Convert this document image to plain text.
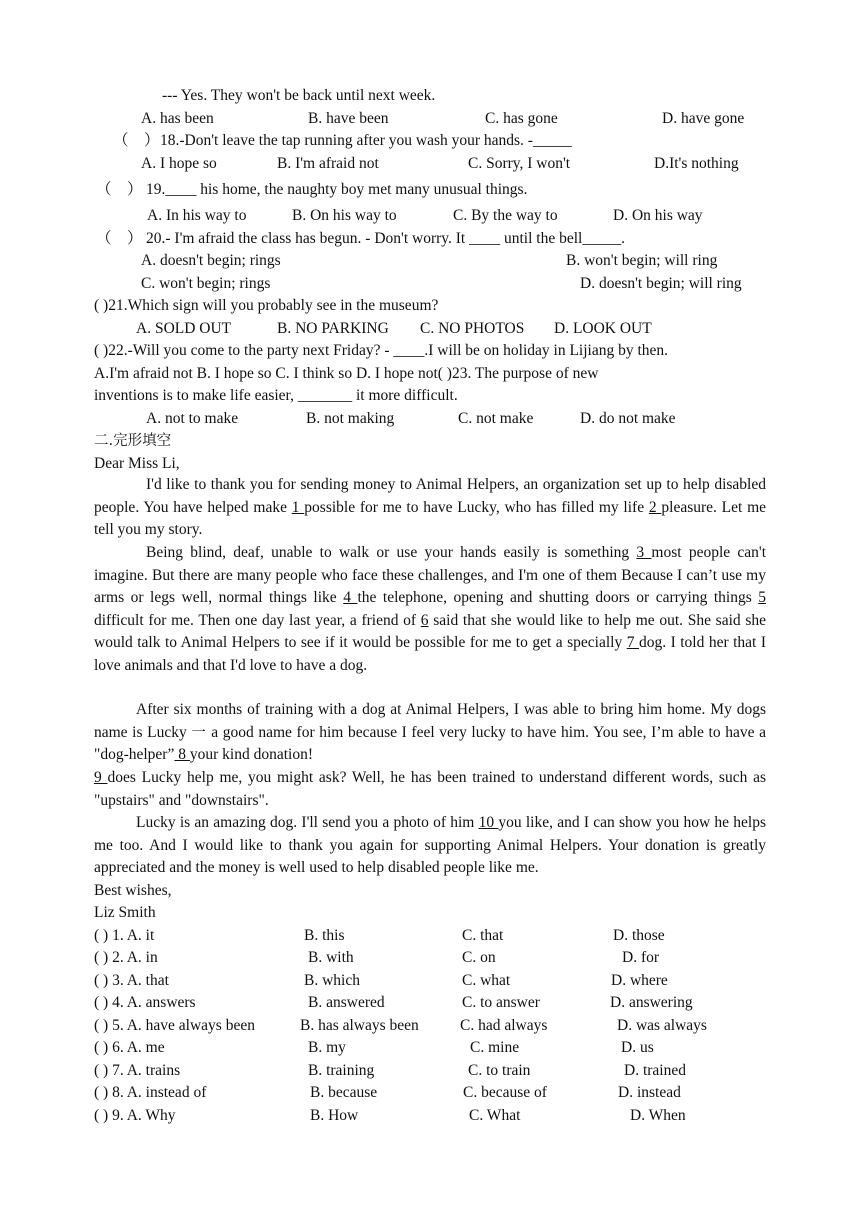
--- Yes. They won't be back until next week.
A. has been	B. have been	C. has gone	D. have gone
（　） 18.-Don't leave the tap running after you wash your hands. -_____
A. I hope so	B. I'm afraid not	C. Sorry, I won't	D.It's nothing
（　） 19.____ his home, the naughty boy met many unusual things.
A. In his way to	B. On his way to	C. By the way to	D. On his way
（　） 20.- I'm afraid the class has begun. - Don't worry. It ____ until the bell_____.
A. doesn't begin; rings	B. won't begin; will ring
C. won't begin; rings	D. doesn't begin; will ring
( )21.Which sign will you probably see in the museum?
A. SOLD OUT	B. NO PARKING C. NO PHOTOS D. LOOK OUT
( )22.-Will you come to the party next Friday? - ____.I will be on holiday in Lijiang by then.
A.I'm afraid not B. I hope so C. I think so D. I hope not( )23. The purpose of new
inventions is to make life easier, _______ it more difficult.
A. not to make	B. not making	C. not make	D. do not make
二.完形填空
Dear Miss Li,
I'd like to thank you for sending money to Animal Helpers, an organization set up to help disabled people. You have helped make 1 possible for me to have Lucky, who has filled my life 2 pleasure. Let me tell you my story.
Being blind, deaf, unable to walk or use your hands easily is something 3 most people can't imagine. But there are many people who face these challenges, and I'm one of them Because I can’t use my arms or legs well, normal things like 4 the telephone, opening and shutting doors or carrying things 5 difficult for me. Then one day last year, a friend of 6 said that she would like to help me out. She said she would talk to Animal Helpers to see if it would be possible for me to get a specially 7 dog. I told her that I love animals and that I'd love to have a dog.
After six months of training with a dog at Animal Helpers, I was able to bring him home. My dogs name is Lucky 一 a good name for him because I feel very lucky to have him. You see, I’m able to have a "dog-helper” 8 your kind donation!
9 does Lucky help me, you might ask? Well, he has been trained to understand different words, such as "upstairs" and "downstairs".
Lucky is an amazing dog. I'll send you a photo of him 10 you like, and I can show you how he helps me too. And I would like to thank you again for supporting Animal Helpers. Your donation is greatly appreciated and the money is well used to help disabled people like me.
Best wishes,
Liz Smith
( ) 1. A. it	B. this	C. that	D. those
( ) 2. A. in	B. with	C. on	D. for
( ) 3. A. that	B. which	C. what	D. where
( ) 4. A. answers	B. answered	C. to answer	D. answering
( ) 5. A. have always been	B. has always been	C. had always	D. was always
( ) 6. A. me	B. my	C. mine	D. us
( ) 7. A. trains	B. training	C. to train	D. trained
( ) 8. A. instead of	B. because	C. because of	D. instead
( ) 9. A. Why	B. How	C. What	D. When
